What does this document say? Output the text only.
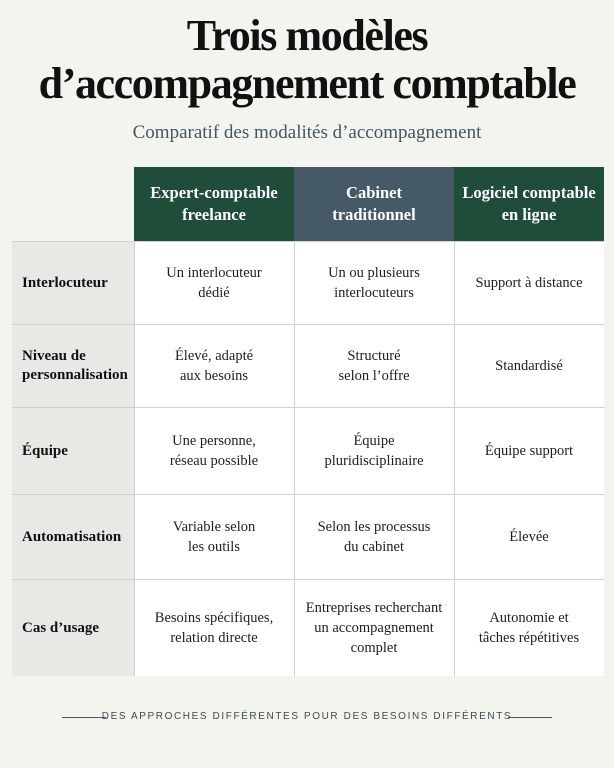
Trois modèles
d’accompagnement comptable
Comparatif des modalités d’accompagnement
Expert-comptable
freelance
Cabinet
traditionnel
Logiciel comptable
en ligne
Interlocuteur
Un interlocuteur
dédié
Un ou plusieurs
interlocuteurs
Support à distance
Niveau de
personnalisation
Élevé, adapté
aux besoins
Structuré
selon l’offre
Standardisé
Équipe
Une personne,
réseau possible
Équipe
pluridisciplinaire
Équipe support
Automatisation
Variable selon
les outils
Selon les processus
du cabinet
Élevée
Cas d’usage
Besoins spécifiques,
relation directe
Entreprises recherchant
un accompagnement
complet
Autonomie et
tâches répétitives
DES APPROCHES DIFFÉRENTES POUR DES BESOINS DIFFÉRENTS
